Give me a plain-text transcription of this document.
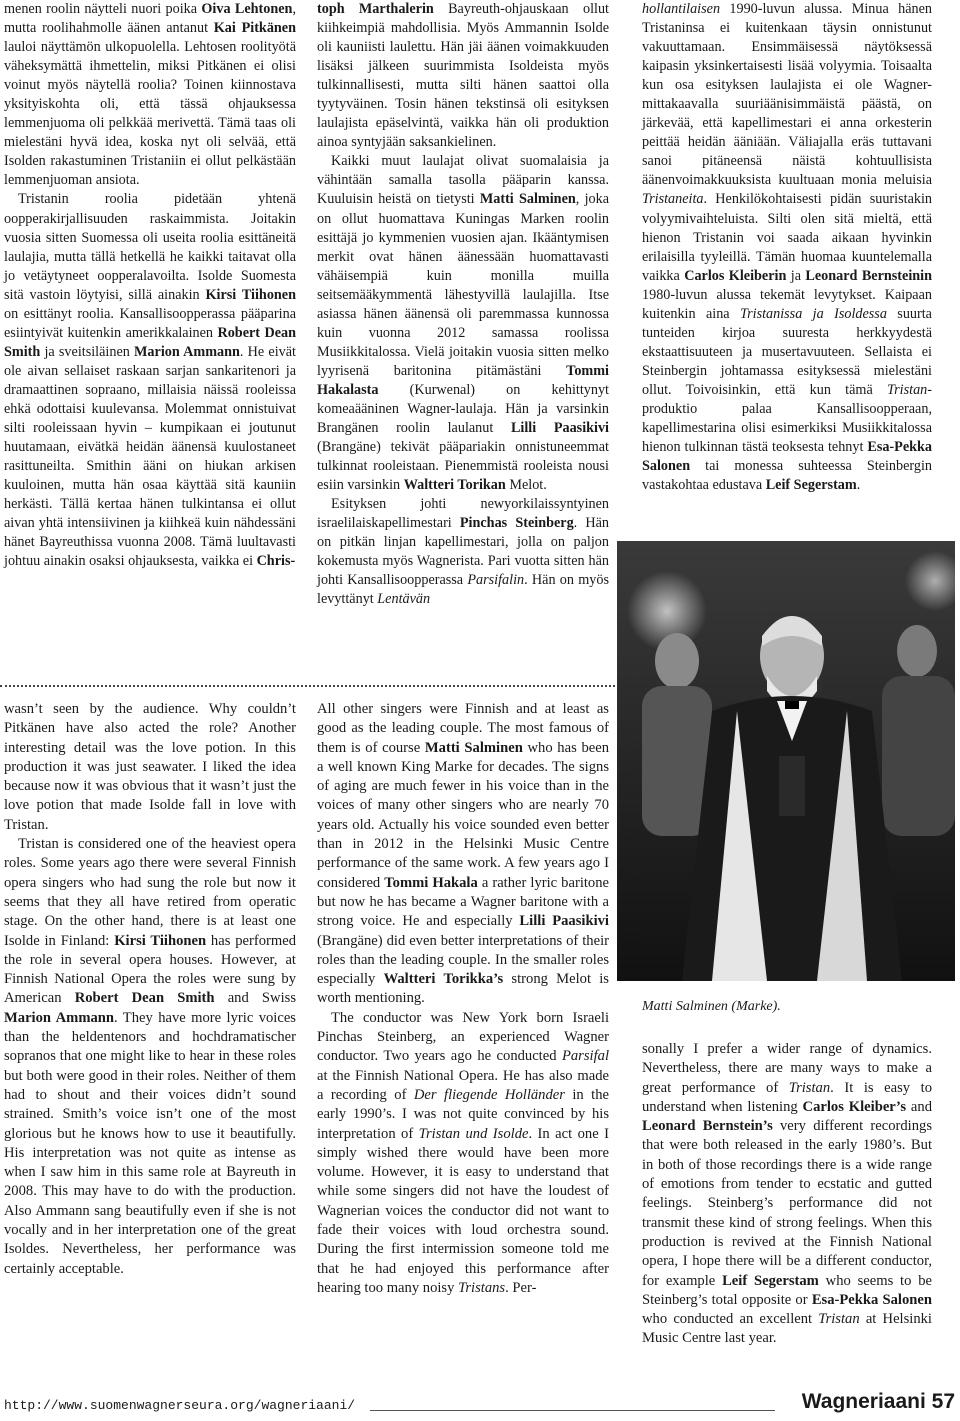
menen roolin näytteli nuori poika Oiva Lehtonen, mutta roolihahmolle äänen antanut Kai Pitkänen lauloi näyttämön ulkopuolella. Lehtosen roolityötä väheksymättä ihmettelin, miksi Pitkänen ei olisi voinut myös näytellä roolia? Toinen kiinnostava yksityiskohta oli, että tässä ohjauksessa lemmenjuoma oli pelkkää merivettä. Tämä taas oli mielestäni hyvä idea, koska nyt oli selvää, että Isolden rakastuminen Tristaniin ei ollut pelkästään lemmenjuoman ansiota.

Tristanin roolia pidetään yhtenä oopperakirjallisuuden raskaimmista. Joitakin vuosia sitten Suomessa oli useita roolia esittäneitä laulajia, mutta tällä hetkellä he kaikki taitavat olla jo vetäytyneet oopperalavoilta. Isolde Suomesta sitä vastoin löytyisi, sillä ainakin Kirsi Tiihonen on esittänyt roolia. Kansallisoopperassa pääparina esiintyivät kuitenkin amerikkalainen Robert Dean Smith ja sveitsiläinen Marion Ammann. He eivät ole aivan sellaiset raskaan sarjan sankaritenori ja dramaattinen sopraano, millaisia näissä rooleissa ehkä odottaisi kuulevansa. Molemmat onnistuivat silti rooleissaan hyvin – kumpikaan ei joutunut huutamaan, eivätkä heidän äänensä kuulostaneet rasittuneilta. Smithin ääni on hiukan arkisen kuuloinen, mutta hän osaa käyttää sitä kauniin herkästi. Tällä kertaa hänen tulkintansa ei ollut aivan yhtä intensiivinen ja kiihkeä kuin nähdessäni hänet Bayreuthissa vuonna 2008. Tämä luultavasti johtuu ainakin osaksi ohjauksesta, vaikka ei Chris-

toph Marthalerin Bayreuth-ohjauskaan ollut kiihkeimpiä mahdollisia. Myös Ammannin Isolde oli kauniisti laulettu. Hän jäi äänen voimakkuuden lisäksi jälkeen suurimmista Isoldeista myös tulkinnallisesti, mutta silti hänen saattoi olla tyytyväinen. Tosin hänen tekstinsä oli esityksen laulajista epäselvintä, vaikka hän oli produktion ainoa syntyjään saksankielinen.

Kaikki muut laulajat olivat suomalaisia ja vähintään samalla tasolla pääparin kanssa. Kuuluisin heistä on tietysti Matti Salminen, joka on ollut huomattava Kuningas Marken roolin esittäjä jo kymmenien vuosien ajan. Ikääntymisen merkit ovat hänen äänessään huomattavasti vähäisempiä kuin monilla muilla seitsemääkymmentä lähestyvillä laulajilla. Itse asiassa hänen äänensä oli paremmassa kunnossa kuin vuonna 2012 samassa roolissa Musiikkitalossa. Vielä joitakin vuosia sitten melko lyyrisenä baritonina pitämästäni Tommi Hakalasta (Kurwenal) on kehittynyt komeaääninen Wagner-laulaja. Hän ja varsinkin Brangänen roolin laulanut Lilli Paasikivi (Brangäne) tekivät pääpariakin onnistuneemmat tulkinnat rooleistaan. Pienemmistä rooleista nousi esiin varsinkin Waltteri Torikan Melot.

Esityksen johti newyorkilaissyntyinen israelilaiskapellimestari Pinchas Steinberg. Hän on pitkän linjan kapellimestari, jolla on paljon kokemusta myös Wagnerista. Pari vuotta sitten hän johti Kansallisoopperassa Parsifalin. Hän on myös levyttänyt Lentävän

hollantilaisen 1990-luvun alussa. Minua hänen Tristaninsa ei kuitenkaan täysin onnistunut vakuuttamaan. Ensimmäisessä näytöksessä kaipasin yksinkertaisesti lisää volyymia. Toisaalta kun osa esityksen laulajista ei ole Wagner-mittakaavalla suuriäänisimmäistä päästä, on järkevää, että kapellimestari ei anna orkesterin peittää heidän ääniään. Väliajalla eräs tuttavani sanoi pitäneensä näistä kohtuullisista äänenvoimakkuuksista kuultuaan monia meluisia Tristaneita. Henkilökohtaisesti pidän suuristakin volyymivaihteluista. Silti olen sitä mieltä, että hienon Tristanin voi saada aikaan hyvinkin erilaisilla tyyleillä. Tämän huomaa kuuntelemalla vaikka Carlos Kleiberin ja Leonard Bernsteinin 1980-luvun alussa tekemät levytykset. Kaipaan kuitenkin aina Tristanissa ja Isoldessa suurta tunteiden kirjoa suuresta herkkyydestä ekstaattisuuteen ja musertavuuteen. Sellaista ei Steinbergin johtamassa esityksessä mielestäni ollut. Toivoisinkin, että kun tämä Tristan-produktio palaa Kansallisoopperaan, kapellimestarina olisi esimerkiksi Musiikkitalossa hienon tulkinnan tästä teoksesta tehnyt Esa-Pekka Salonen tai monessa suhteessa Steinbergin vastakohtaa edustava Leif Segerstam.

Matti Salminen (Marke).

wasn’t seen by the audience. Why couldn’t Pitkänen have also acted the role? Another interesting detail was the love potion. In this production it was just seawater. I liked the idea because now it was obvious that it wasn’t just the love potion that made Isolde fall in love with Tristan.

Tristan is considered one of the heaviest opera roles. Some years ago there were several Finnish opera singers who had sung the role but now it seems that they all have retired from operatic stage. On the other hand, there is at least one Isolde in Finland: Kirsi Tiihonen has performed the role in several opera houses. However, at Finnish National Opera the roles were sung by American Robert Dean Smith and Swiss Marion Ammann. They have more lyric voices than the heldentenors and hochdramatischer sopranos that one might like to hear in these roles but both were good in their roles. Neither of them had to shout and their voices didn’t sound strained. Smith’s voice isn’t one of the most glorious but he knows how to use it beautifully. His interpretation was not quite as intense as when I saw him in this same role at Bayreuth in 2008. This may have to do with the production. Also Ammann sang beautifully even if she is not vocally and in her interpretation one of the great Isoldes. Nevertheless, her performance was certainly acceptable.

All other singers were Finnish and at least as good as the leading couple. The most famous of them is of course Matti Salminen who has been a well known King Marke for decades. The signs of aging are much fewer in his voice than in the voices of many other singers who are nearly 70 years old. Actually his voice sounded even better than in 2012 in the Helsinki Music Centre performance of the same work. A few years ago I considered Tommi Hakala a rather lyric baritone but now he has became a Wagner baritone with a strong voice. He and especially Lilli Paasikivi (Brangäne) did even better interpretations of their roles than the leading couple. In the smaller roles especially Waltteri Torikka’s strong Melot is worth mentioning.

The conductor was New York born Israeli Pinchas Steinberg, an experienced Wagner conductor. Two years ago he conducted Parsifal at the Finnish National Opera. He has also made a recording of Der fliegende Holländer in the early 1990’s. I was not quite convinced by his interpretation of Tristan und Isolde. In act one I simply wished there would have been more volume. However, it is easy to understand that while some singers did not have the loudest of Wagnerian voices the conductor did not want to fade their voices with loud orchestra sound. During the first intermission someone told me that he had enjoyed this performance after hearing too many noisy Tristans. Per-

sonally I prefer a wider range of dynamics. Nevertheless, there are many ways to make a great performance of Tristan. It is easy to understand when listening Carlos Kleiber’s and Leonard Bernstein’s very different recordings that were both released in the early 1980’s. But in both of those recordings there is a wide range of emotions from tender to ecstatic and gutted feelings. Steinberg’s performance did not transmit these kind of strong feelings. When this production is revived at the Finnish National opera, I hope there will be a different conductor, for example Leif Segerstam who seems to be Steinberg’s total opposite or Esa-Pekka Salonen who conducted an excellent Tristan at Helsinki Music Centre last year.

http://www.suomenwagnerseura.org/wagneriaani/	Wagneriaani 57
